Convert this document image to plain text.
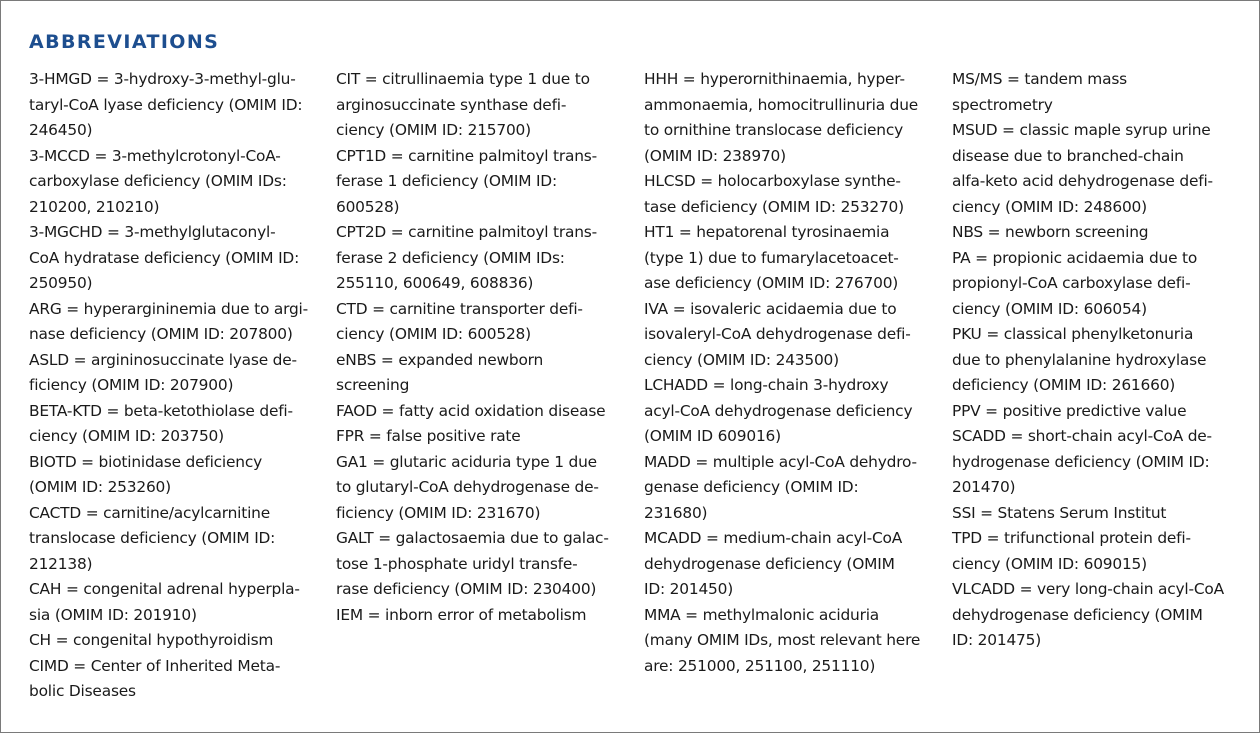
ABBREVIATIONS
3-HMGD = 3-hydroxy-3-methyl-glu-
taryl-CoA lyase deficiency (OMIM ID:
246450)
3-MCCD = 3-methylcrotonyl-CoA-
carboxylase deficiency (OMIM IDs:
210200, 210210)
3-MGCHD = 3-methylglutaconyl-
CoA hydratase deficiency (OMIM ID:
250950)
ARG = hyperargininemia due to argi-
nase deficiency (OMIM ID: 207800)
ASLD = argininosuccinate lyase de-
ficiency (OMIM ID: 207900)
BETA-KTD = beta-ketothiolase defi-
ciency (OMIM ID: 203750)
BIOTD = biotinidase deficiency
(OMIM ID: 253260)
CACTD = carnitine/acylcarnitine
translocase deficiency (OMIM ID:
212138)
CAH = congenital adrenal hyperpla-
sia (OMIM ID: 201910)
CH = congenital hypothyroidism
CIMD = Center of Inherited Meta-
bolic Diseases
CIT = citrullinaemia type 1 due to
arginosuccinate synthase defi-
ciency (OMIM ID: 215700)
CPT1D = carnitine palmitoyl trans-
ferase 1 deficiency (OMIM ID:
600528)
CPT2D = carnitine palmitoyl trans-
ferase 2 deficiency (OMIM IDs:
255110, 600649, 608836)
CTD = carnitine transporter defi-
ciency (OMIM ID: 600528)
eNBS = expanded newborn
screening
FAOD = fatty acid oxidation disease
FPR = false positive rate
GA1 = glutaric aciduria type 1 due
to glutaryl-CoA dehydrogenase de-
ficiency (OMIM ID: 231670)
GALT = galactosaemia due to galac-
tose 1-phosphate uridyl transfe-
rase deficiency (OMIM ID: 230400)
IEM = inborn error of metabolism
HHH = hyperornithinaemia, hyper-
ammonaemia, homocitrullinuria due
to ornithine translocase deficiency
(OMIM ID: 238970)
HLCSD = holocarboxylase synthe-
tase deficiency (OMIM ID: 253270)
HT1 = hepatorenal tyrosinaemia
(type 1) due to fumarylacetoacet-
ase deficiency (OMIM ID: 276700)
IVA = isovaleric acidaemia due to
isovaleryl-CoA dehydrogenase defi-
ciency (OMIM ID: 243500)
LCHADD = long-chain 3-hydroxy
acyl-CoA dehydrogenase deficiency
(OMIM ID 609016)
MADD = multiple acyl-CoA dehydro-
genase deficiency (OMIM ID:
231680)
MCADD = medium-chain acyl-CoA
dehydrogenase deficiency (OMIM
ID: 201450)
MMA = methylmalonic aciduria
(many OMIM IDs, most relevant here
are: 251000, 251100, 251110)
MS/MS = tandem mass
spectrometry
MSUD = classic maple syrup urine
disease due to branched-chain
alfa-keto acid dehydrogenase defi-
ciency (OMIM ID: 248600)
NBS = newborn screening
PA = propionic acidaemia due to
propionyl-CoA carboxylase defi-
ciency (OMIM ID: 606054)
PKU = classical phenylketonuria
due to phenylalanine hydroxylase
deficiency (OMIM ID: 261660)
PPV = positive predictive value
SCADD = short-chain acyl-CoA de-
hydrogenase deficiency (OMIM ID:
201470)
SSI = Statens Serum Institut
TPD = trifunctional protein defi-
ciency (OMIM ID: 609015)
VLCADD = very long-chain acyl-CoA
dehydrogenase deficiency (OMIM
ID: 201475)
